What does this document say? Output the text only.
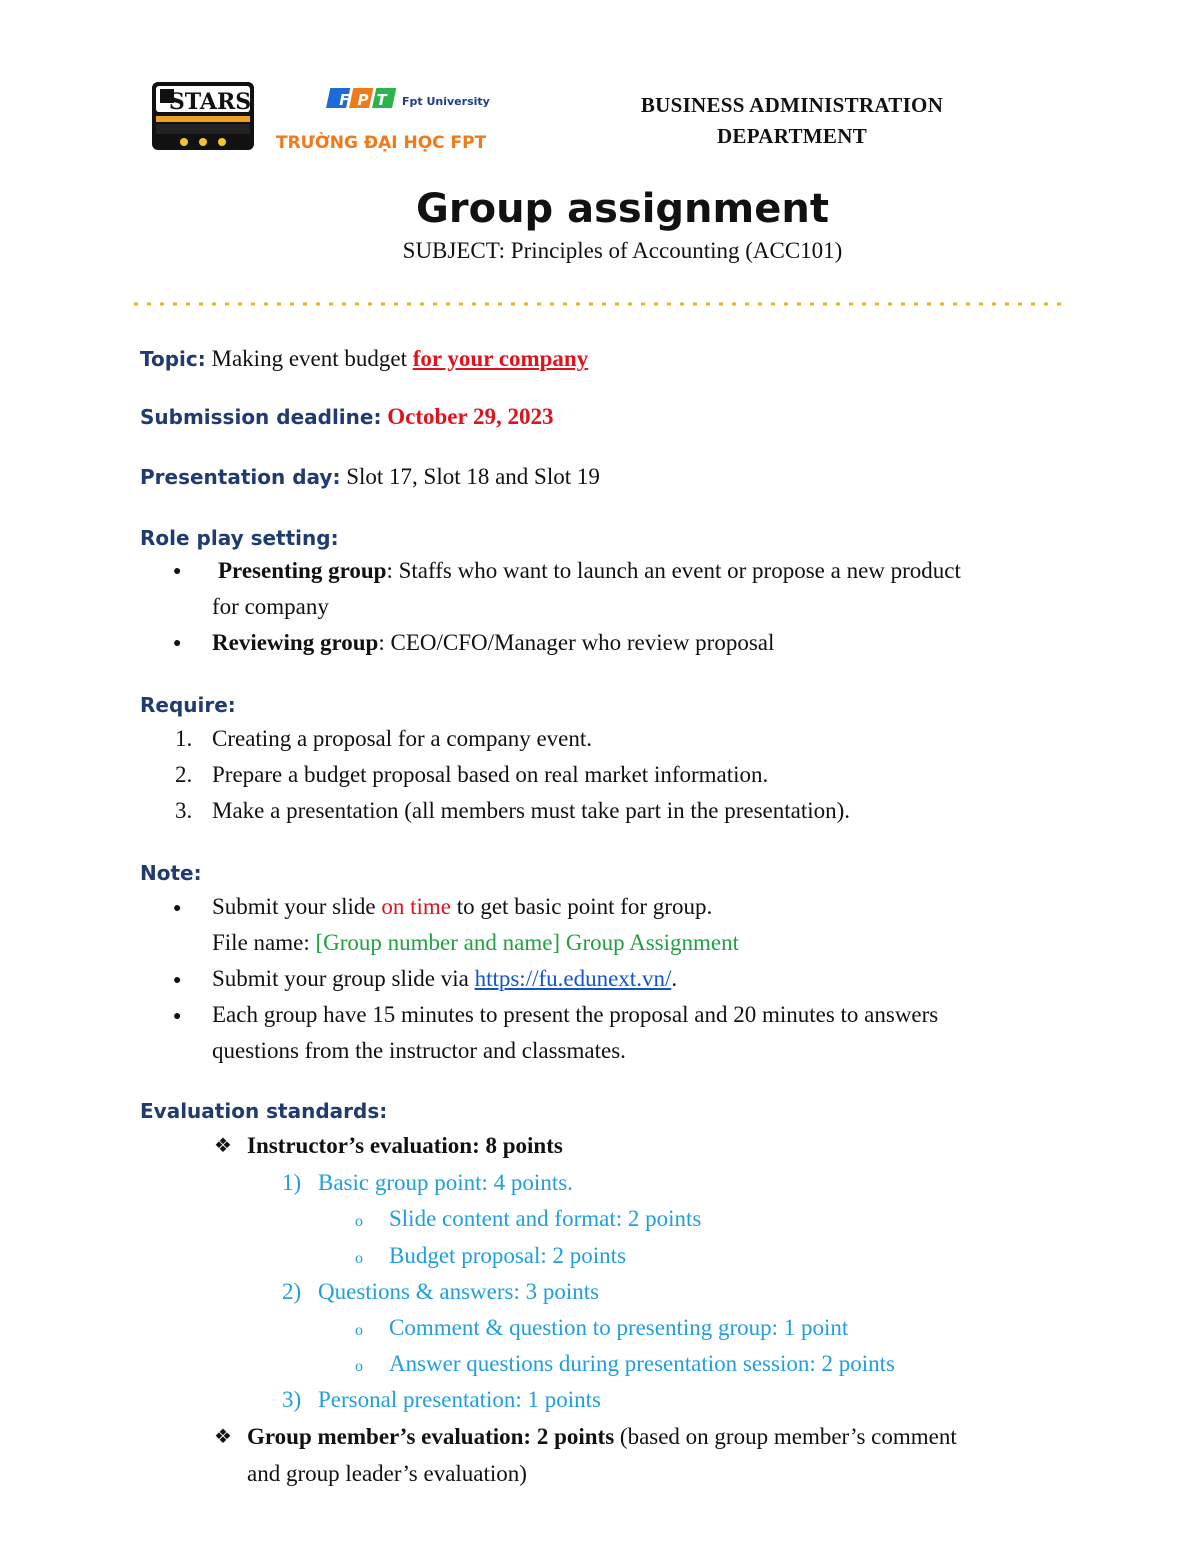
STARS	FPT Fpt University
TRƯỜNG ĐẠI HỌC FPT
BUSINESS ADMINISTRATION
DEPARTMENT
Group assignment
SUBJECT: Principles of Accounting (ACC101)
Topic: Making event budget for your company
Submission deadline: October 29, 2023
Presentation day: Slot 17, Slot 18 and Slot 19
Role play setting:
● Presenting group: Staffs who want to launch an event or propose a new product
for company
● Reviewing group: CEO/CFO/Manager who review proposal
Require:
1. Creating a proposal for a company event.
2. Prepare a budget proposal based on real market information.
3. Make a presentation (all members must take part in the presentation).
Note:
● Submit your slide on time to get basic point for group.
File name: [Group number and name] Group Assignment
● Submit your group slide via https://fu.edunext.vn/.
● Each group have 15 minutes to present the proposal and 20 minutes to answers
questions from the instructor and classmates.
Evaluation standards:
❖ Instructor’s evaluation: 8 points
1) Basic group point: 4 points.
o Slide content and format: 2 points
o Budget proposal: 2 points
2) Questions & answers: 3 points
o Comment & question to presenting group: 1 point
o Answer questions during presentation session: 2 points
3) Personal presentation: 1 points
❖ Group member’s evaluation: 2 points (based on group member’s comment
and group leader’s evaluation)
